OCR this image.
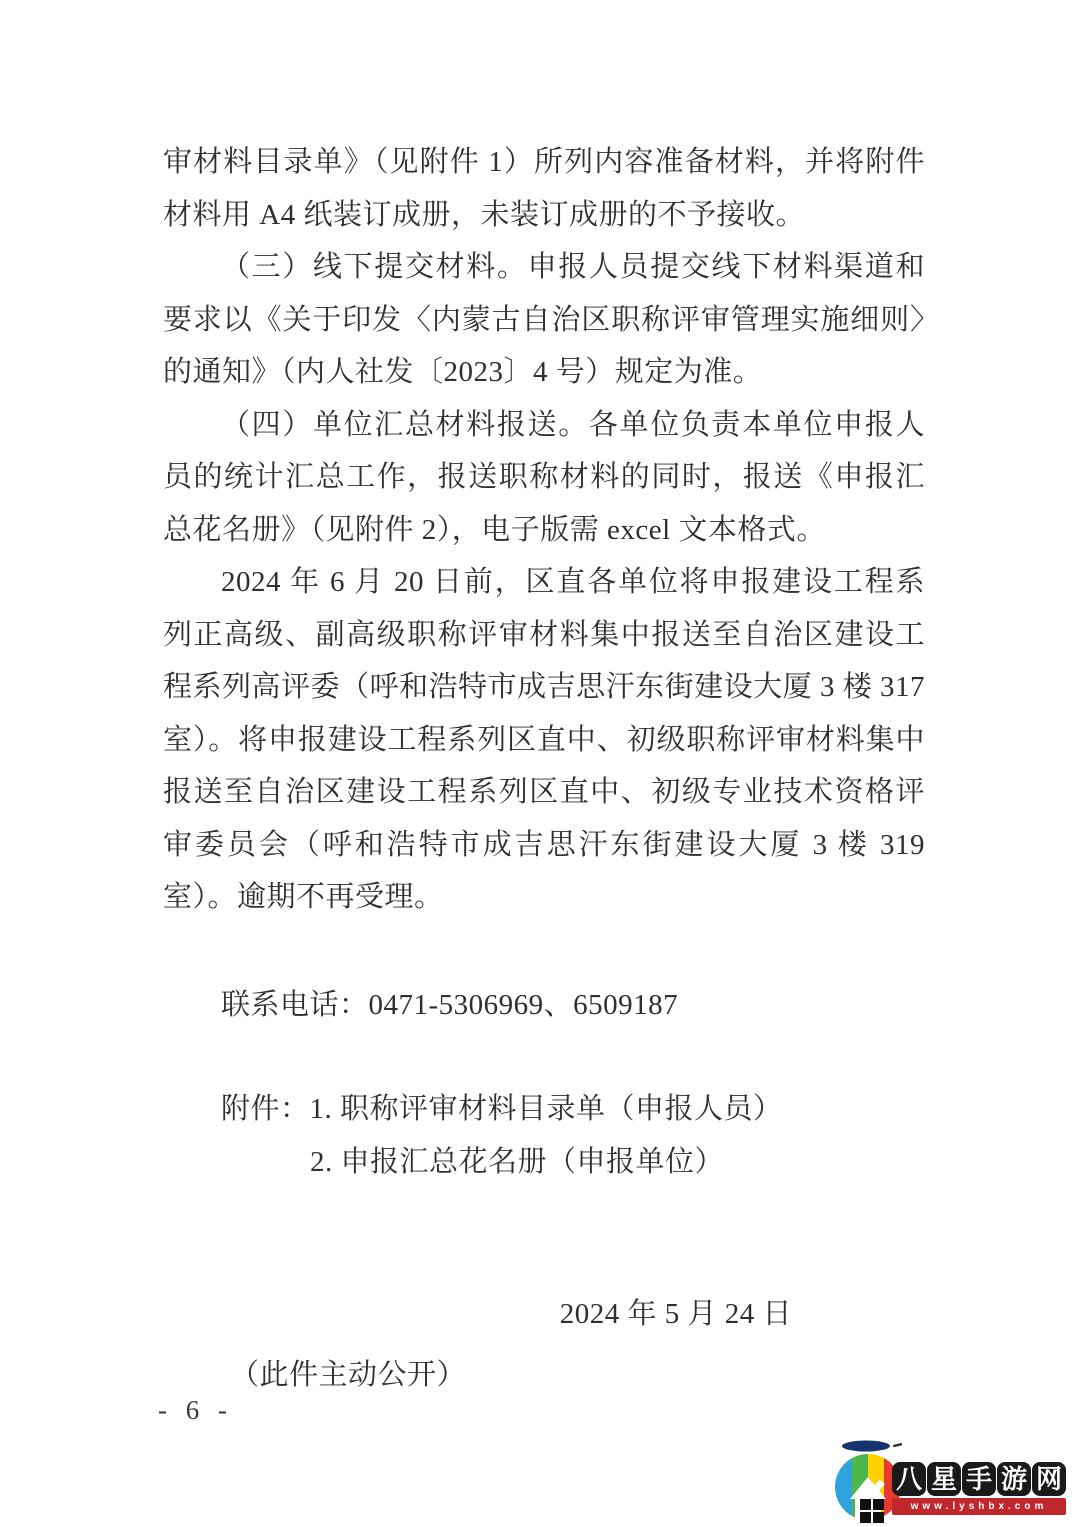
审材料目录单》（见附件 1）所列内容准备材料，并将附件材料用 A4 纸装订成册，未装订成册的不予接收。

（三）线下提交材料。申报人员提交线下材料渠道和要求以《关于印发〈内蒙古自治区职称评审管理实施细则〉的通知》（内人社发〔2023〕4 号）规定为准。

（四）单位汇总材料报送。各单位负责本单位申报人员的统计汇总工作，报送职称材料的同时，报送《申报汇总花名册》（见附件 2），电子版需 excel 文本格式。

2024 年 6 月 20 日前，区直各单位将申报建设工程系列正高级、副高级职称评审材料集中报送至自治区建设工程系列高评委（呼和浩特市成吉思汗东街建设大厦 3 楼 317 室）。将申报建设工程系列区直中、初级职称评审材料集中报送至自治区建设工程系列区直中、初级专业技术资格评审委员会（呼和浩特市成吉思汗东街建设大厦 3 楼 319 室）。逾期不再受理。

联系电话：0471-5306969、6509187
附件：1. 职称评审材料目录单（申报人员）
2. 申报汇总花名册（申报单位）
2024 年 5 月 24 日
（此件主动公开）
- 6 -
八 星 手 游 网
www.lyshbx.com
